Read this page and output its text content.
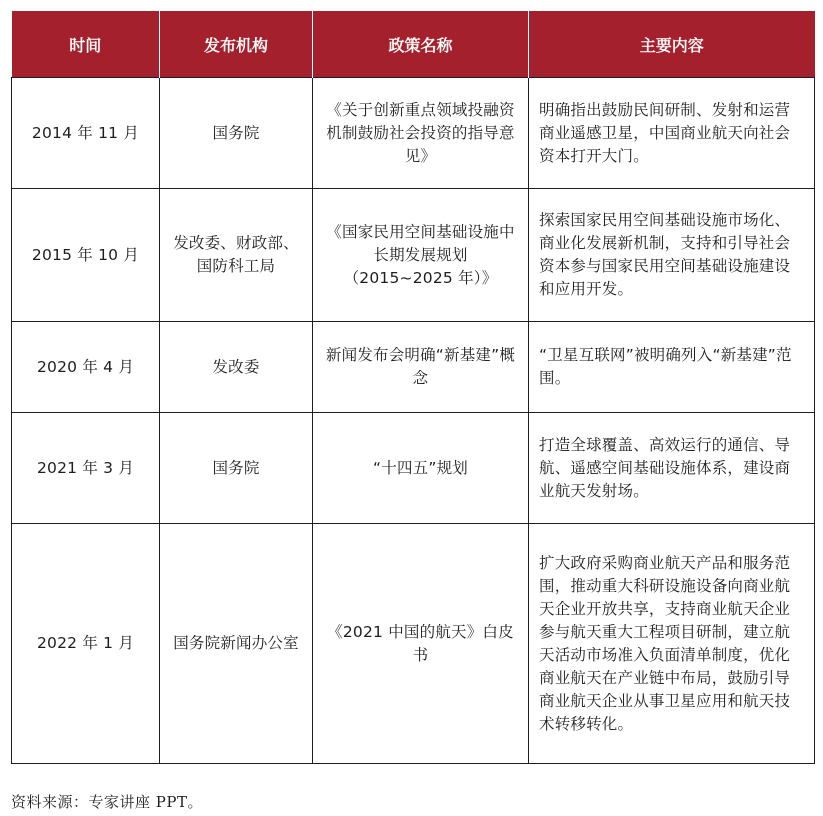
时间	发布机构	政策名称	主要内容
2014 年 11 月	国务院	《关于创新重点领域投融资机制鼓励社会投资的指导意见》	明确指出鼓励民间研制、发射和运营商业遥感卫星，中国商业航天向社会资本打开大门。
2015 年 10 月	发改委、财政部、国防科工局	《国家民用空间基础设施中长期发展规划（2015~2025 年）》	探索国家民用空间基础设施市场化、商业化发展新机制，支持和引导社会资本参与国家民用空间基础设施建设和应用开发。
2020 年 4 月	发改委	新闻发布会明确“新基建”概念	“卫星互联网”被明确列入“新基建”范围。
2021 年 3 月	国务院	“十四五”规划	打造全球覆盖、高效运行的通信、导航、遥感空间基础设施体系，建设商业航天发射场。
2022 年 1 月	国务院新闻办公室	《2021 中国的航天》白皮书	扩大政府采购商业航天产品和服务范围，推动重大科研设施设备向商业航天企业开放共享，支持商业航天企业参与航天重大工程项目研制，建立航天活动市场准入负面清单制度，优化商业航天在产业链中布局，鼓励引导商业航天企业从事卫星应用和航天技术转移转化。
资料来源：专家讲座 PPT。
